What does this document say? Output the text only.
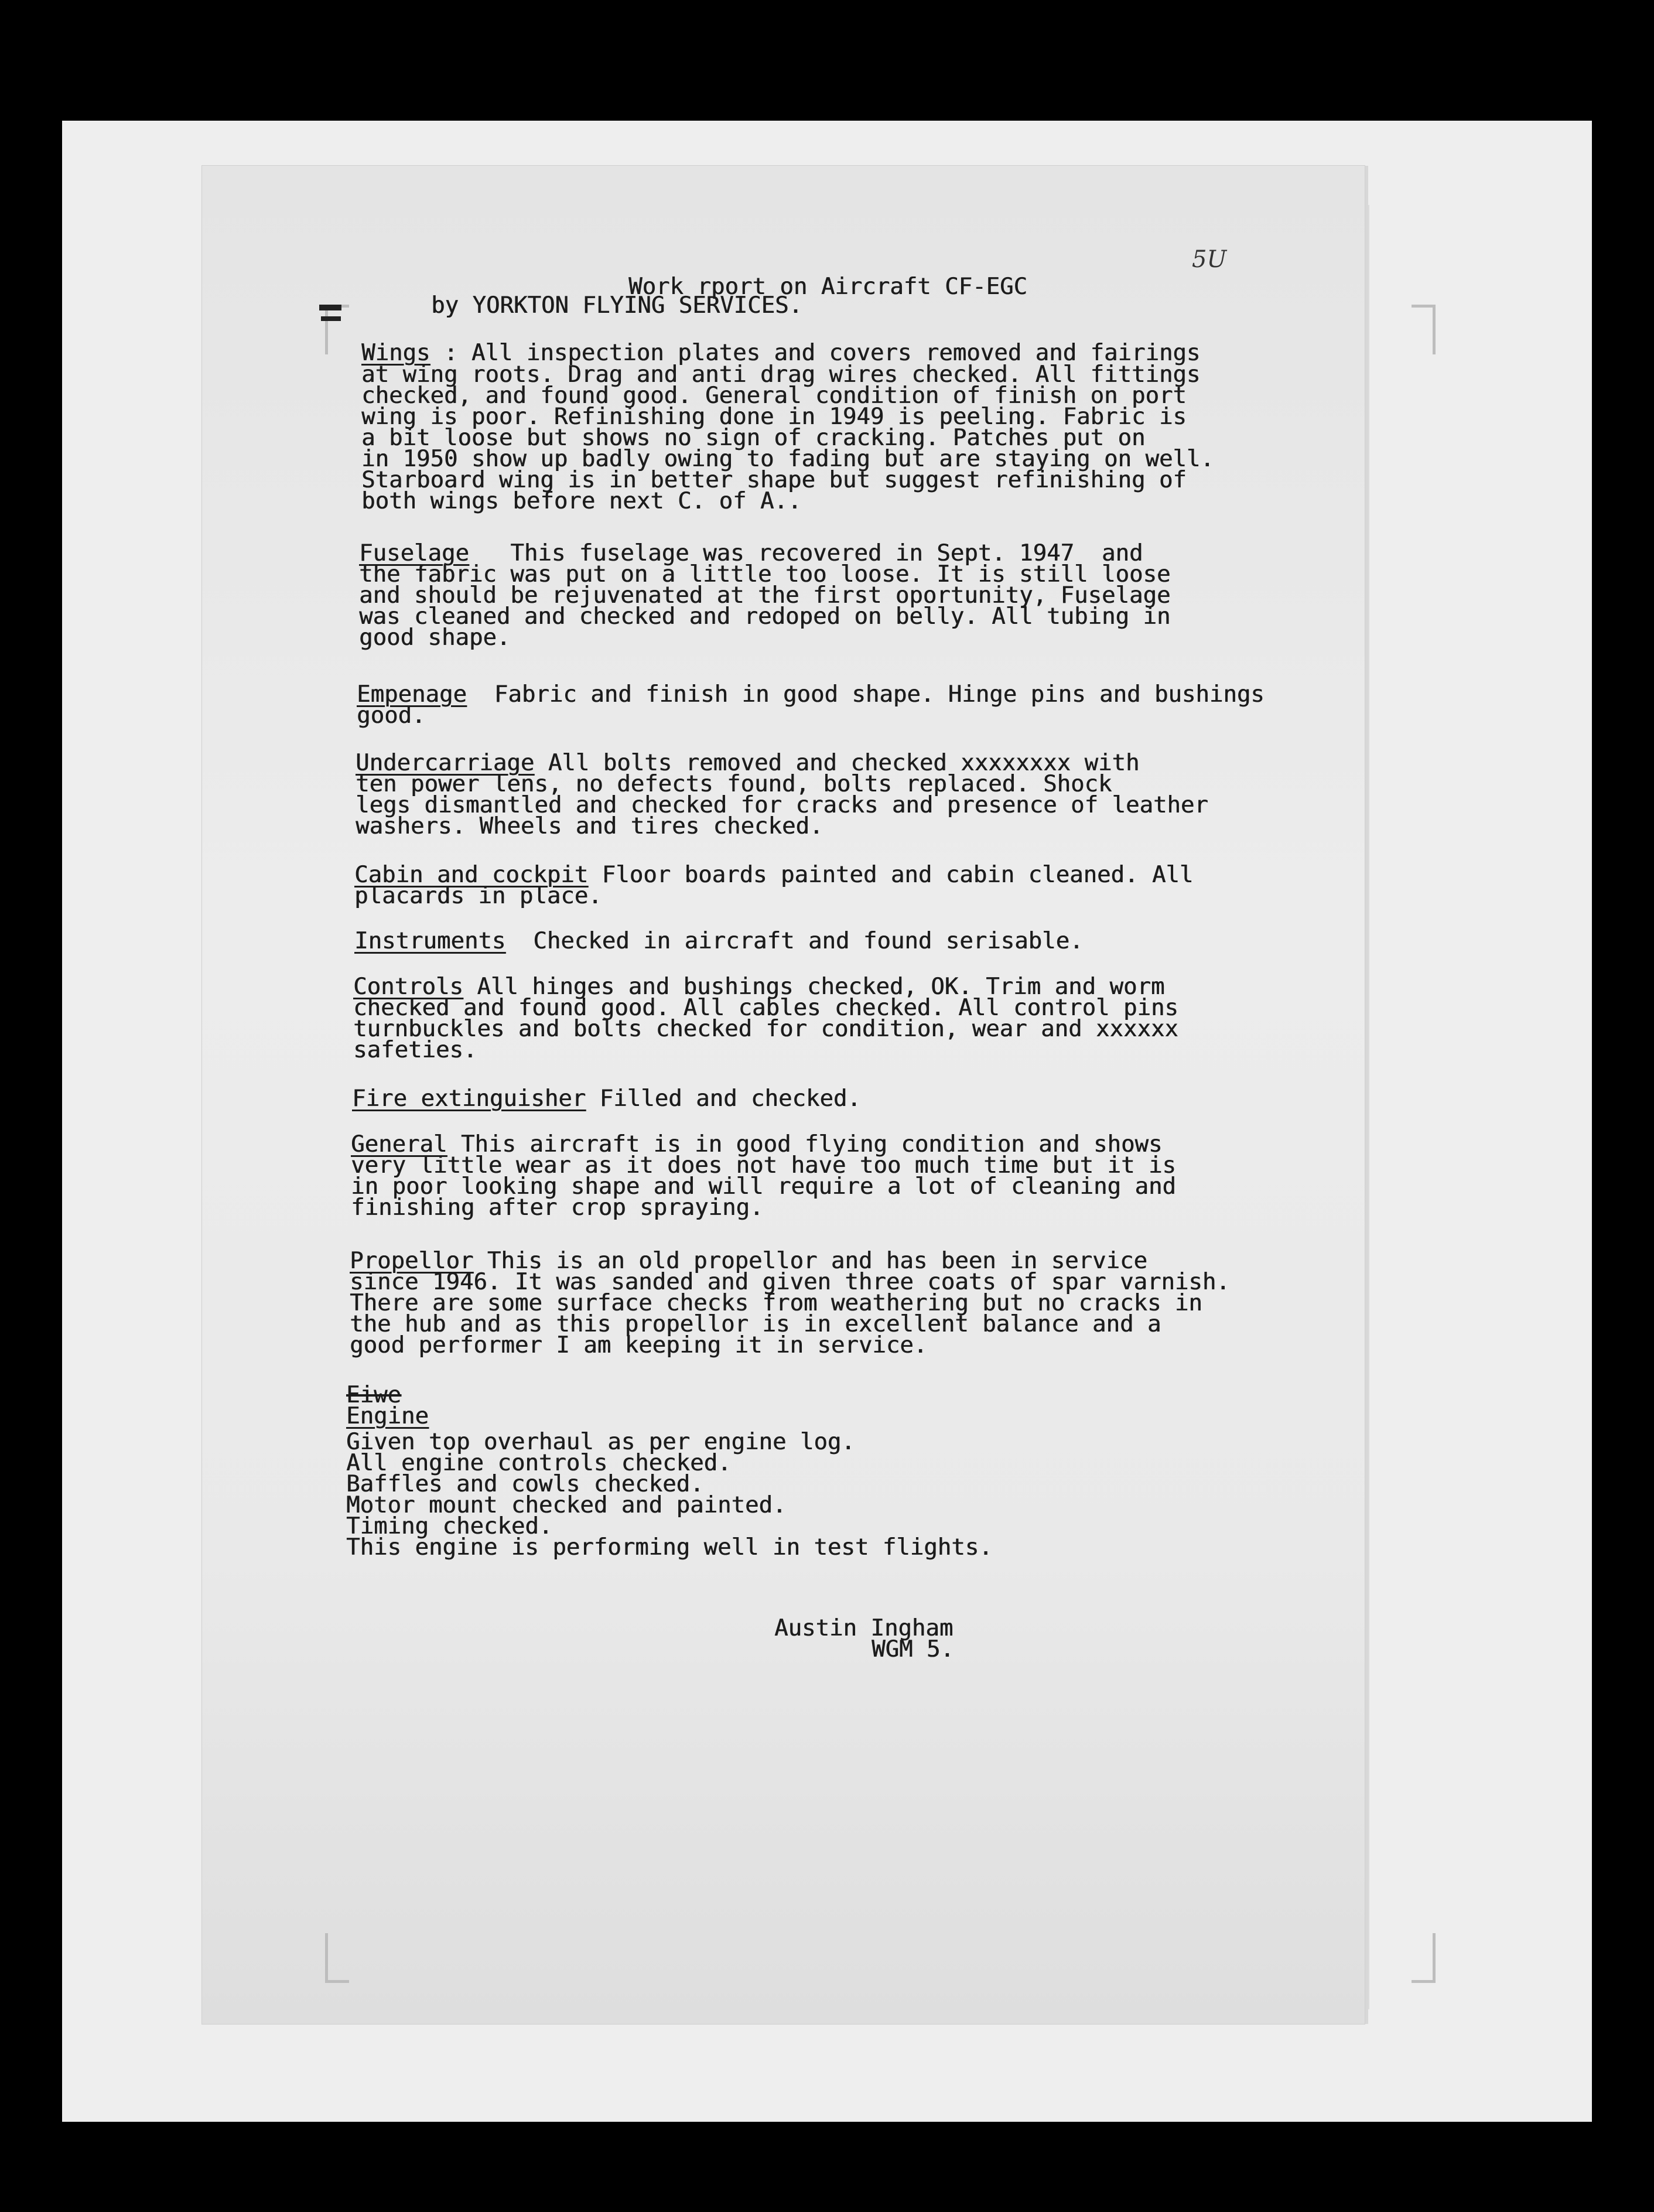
5U
Work rport on Aircraft CF-EGC
by YORKTON FLYING SERVICES.
Wings : All inspection plates and covers removed and fairings
at wing roots. Drag and anti drag wires checked. All fittings
checked, and found good. General condition of finish on port
wing is poor. Refinishing done in 1949 is peeling. Fabric is
a bit loose but shows no sign of cracking. Patches put on
in 1950 show up badly owing to fading but are staying on well.
Starboard wing is in better shape but suggest refinishing of
both wings before next C. of A..
Fuselage   This fuselage was recovered in Sept. 1947  and
the fabric was put on a little too loose. It is still loose
and should be rejuvenated at the first oportunity, Fuselage
was cleaned and checked and redoped on belly. All tubing in
good shape.
Empenage  Fabric and finish in good shape. Hinge pins and bushings
good.
Undercarriage All bolts removed and checked xxxxxxxx with
ten power lens, no defects found, bolts replaced. Shock
legs dismantled and checked for cracks and presence of leather
washers. Wheels and tires checked.
Cabin and cockpit Floor boards painted and cabin cleaned. All
placards in place.
Instruments  Checked in aircraft and found serisable.
Controls All hinges and bushings checked, OK. Trim and worm
checked and found good. All cables checked. All control pins
turnbuckles and bolts checked for condition, wear and xxxxxx
safeties.
Fire extinguisher Filled and checked.
General This aircraft is in good flying condition and shows
very little wear as it does not have too much time but it is
in poor looking shape and will require a lot of cleaning and
finishing after crop spraying.
Propellor This is an old propellor and has been in service
since 1946. It was sanded and given three coats of spar varnish.
There are some surface checks from weathering but no cracks in
the hub and as this propellor is in excellent balance and a
good performer I am keeping it in service.
Eiwe
Engine
Given top overhaul as per engine log.
All engine controls checked.
Baffles and cowls checked.
Motor mount checked and painted.
Timing checked.
This engine is performing well in test flights.
Austin Ingham
WGM 5.
